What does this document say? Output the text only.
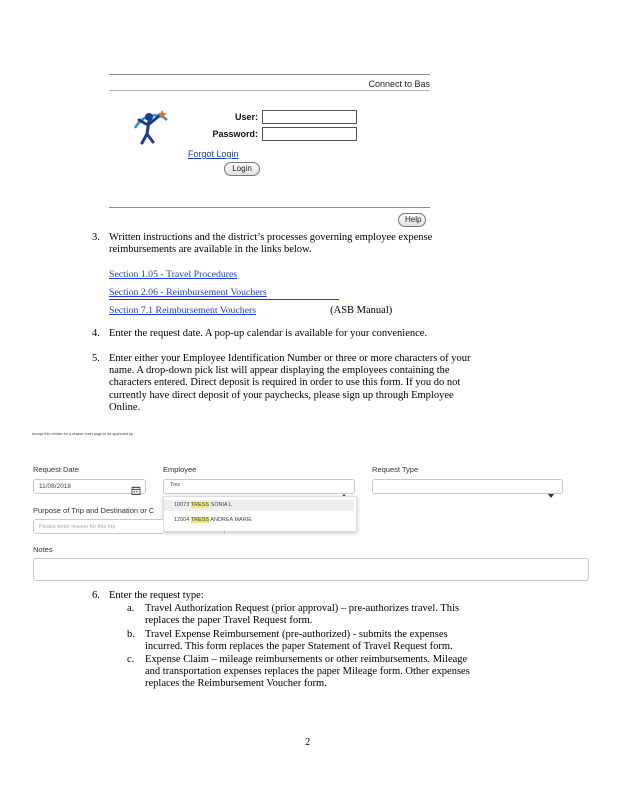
Connect to Bas
User:
Password:
Forgot Login
Login
Help
3. Written instructions and the district’s processes governing employee expense
reimbursements are available in the links below.
Section 1.05 - Travel Procedures
Section 2.06 - Reimbursement Vouchers
Section 7.1 Reimbursement Vouchers	(ASB Manual)
4. Enter the request date. A pop-up calendar is available for your convenience.
5. Enter either your Employee Identification Number or three or more characters of your
name. A drop-down pick list will appear displaying the employees containing the
characters entered. Direct deposit is required in order to use this form. If you do not
currently have direct deposit of your paychecks, please sign up through Employee
Online.
Accept this certain for a reason reset page to be approved by
Request Date
11/08/2018
Employee
Tres
10073 TRESS SONIA L
12004 TRESS ANDREA MARIE
Request Type
Purpose of Trip and Destination or C
Please enter reason for this trip
Notes
6. Enter the request type:
a. Travel Authorization Request (prior approval) – pre-authorizes travel. This
replaces the paper Travel Request form.
b. Travel Expense Reimbursement (pre-authorized) - submits the expenses
incurred. This form replaces the paper Statement of Travel Request form.
c. Expense Claim – mileage reimbursements or other reimbursements. Mileage
and transportation expenses replaces the paper Mileage form. Other expenses
replaces the Reimbursement Voucher form.
2
